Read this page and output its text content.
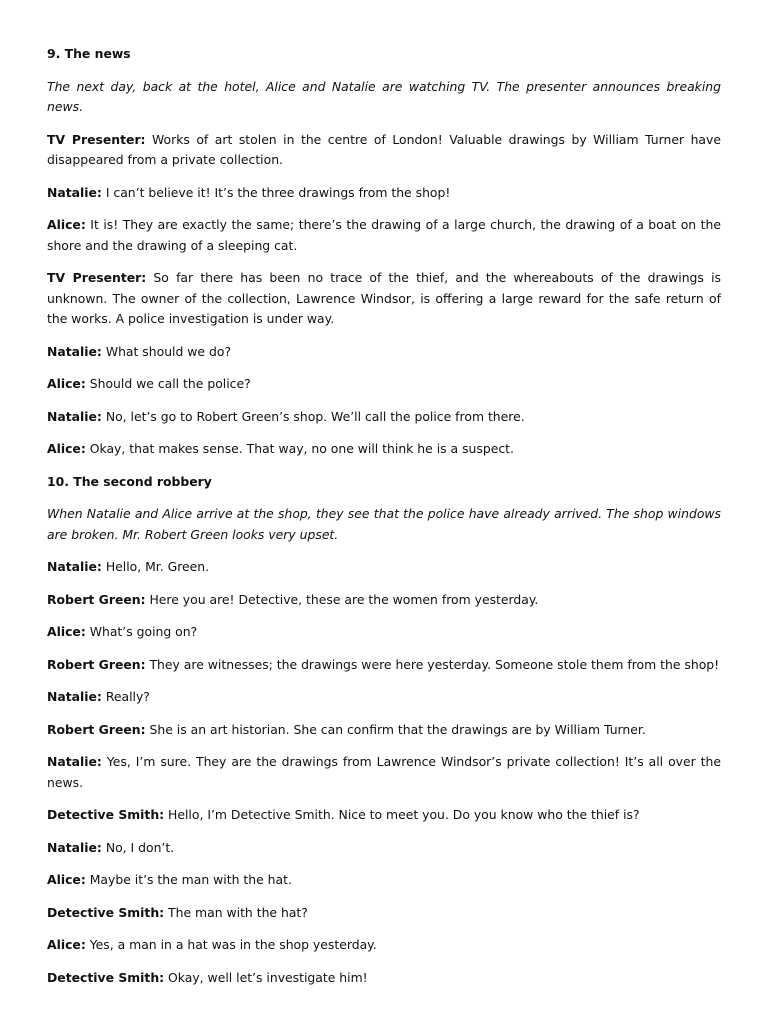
9. The news

The next day, back at the hotel, Alice and Natalie are watching TV. The presenter announces breaking news.

TV Presenter: Works of art stolen in the centre of London! Valuable drawings by William Turner have disappeared from a private collection.

Natalie: I can’t believe it! It’s the three drawings from the shop!

Alice: It is! They are exactly the same; there’s the drawing of a large church, the drawing of a boat on the shore and the drawing of a sleeping cat.

TV Presenter: So far there has been no trace of the thief, and the whereabouts of the drawings is unknown. The owner of the collection, Lawrence Windsor, is offering a large reward for the safe return of the works. A police investigation is under way.

Natalie: What should we do?

Alice: Should we call the police?

Natalie: No, let’s go to Robert Green’s shop. We’ll call the police from there.

Alice: Okay, that makes sense. That way, no one will think he is a suspect.

10. The second robbery

When Natalie and Alice arrive at the shop, they see that the police have already arrived. The shop windows are broken. Mr. Robert Green looks very upset.

Natalie: Hello, Mr. Green.

Robert Green: Here you are! Detective, these are the women from yesterday.

Alice: What’s going on?

Robert Green: They are witnesses; the drawings were here yesterday. Someone stole them from the shop!

Natalie: Really?

Robert Green: She is an art historian. She can confirm that the drawings are by William Turner.

Natalie: Yes, I’m sure. They are the drawings from Lawrence Windsor’s private collection! It’s all over the news.

Detective Smith: Hello, I’m Detective Smith. Nice to meet you. Do you know who the thief is?

Natalie: No, I don’t.

Alice: Maybe it’s the man with the hat.

Detective Smith: The man with the hat?

Alice: Yes, a man in a hat was in the shop yesterday.

Detective Smith: Okay, well let’s investigate him!
